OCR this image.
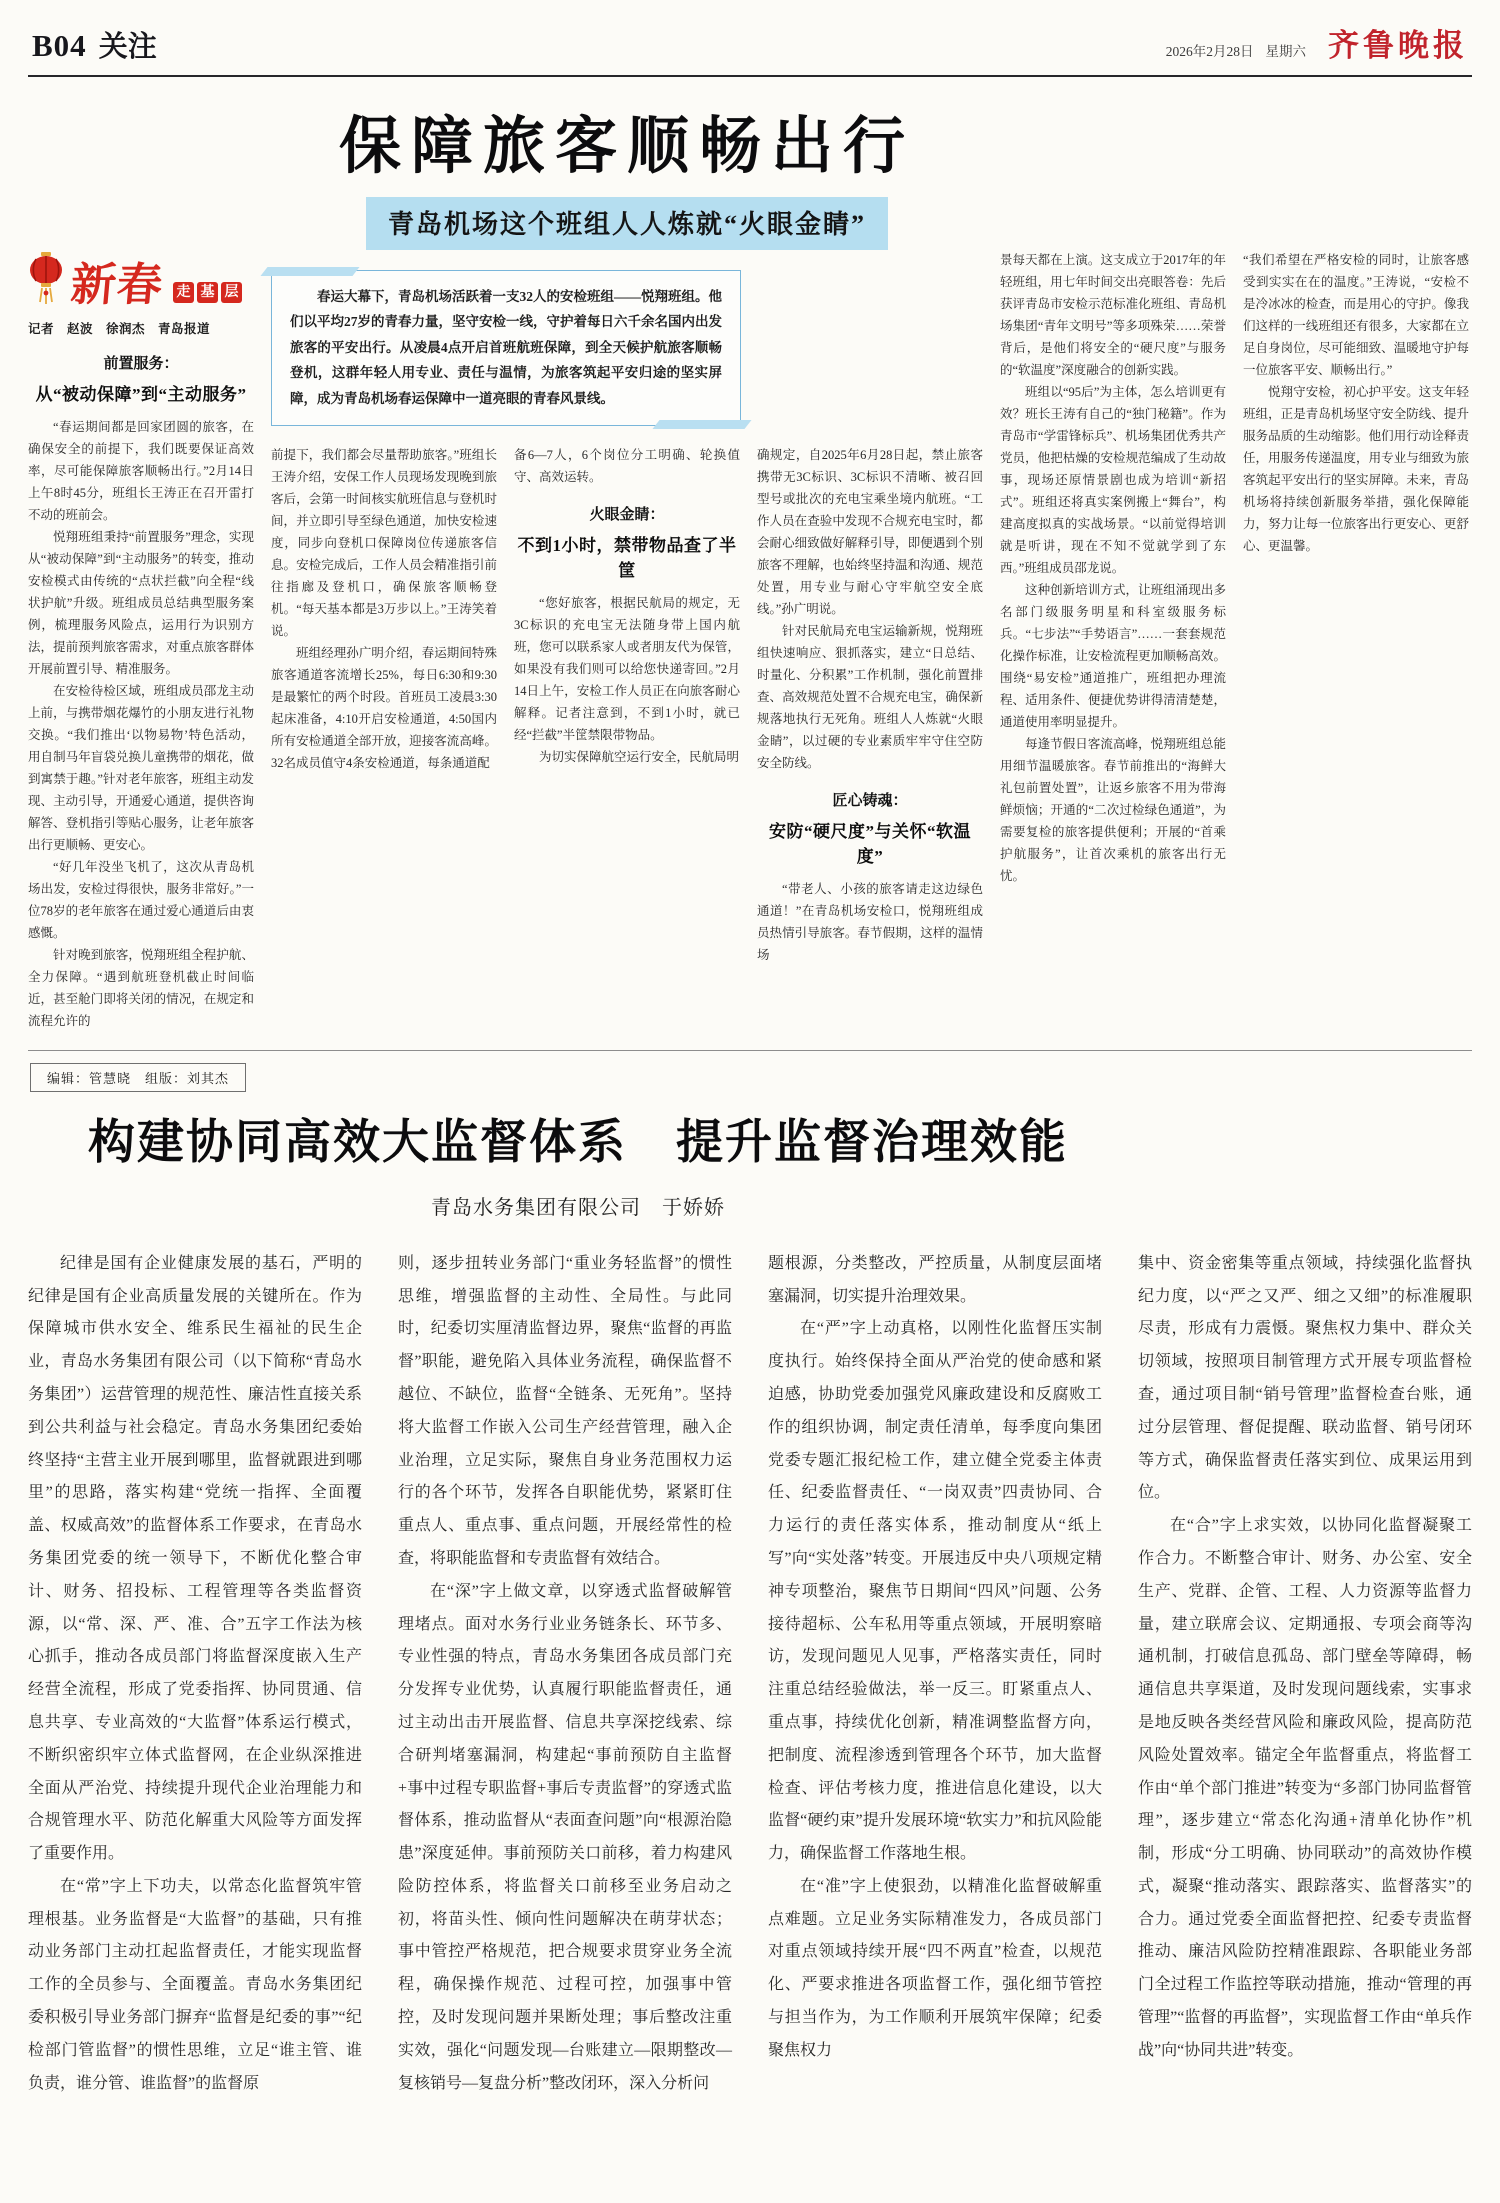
B04 关注	2026年2月28日 星期六 齐鲁晚报
新春 走 基 层

记者　赵波　徐润杰　青岛报道

前置服务：
从“被动保障”到“主动服务”

“春运期间都是回家团圆的旅客，在确保安全的前提下，我们既要保证高效率，尽可能保障旅客顺畅出行。”2月14日上午8时45分，班组长王涛正在召开雷打不动的班前会。

悦翔班组秉持“前置服务”理念，实现从“被动保障”到“主动服务”的转变，推动安检模式由传统的“点状拦截”向全程“线状护航”升级。班组成员总结典型服务案例，梳理服务风险点，运用行为识别方法，提前预判旅客需求，对重点旅客群体开展前置引导、精准服务。

在安检待检区域，班组成员邵龙主动上前，与携带烟花爆竹的小朋友进行礼物交换。“我们推出‘以物易物’特色活动，用自制马年盲袋兑换儿童携带的烟花，做到寓禁于趣。”针对老年旅客，班组主动发现、主动引导，开通爱心通道，提供咨询解答、登机指引等贴心服务，让老年旅客出行更顺畅、更安心。

“好几年没坐飞机了，这次从青岛机场出发，安检过得很快，服务非常好。”一位78岁的老年旅客在通过爱心通道后由衷感慨。

针对晚到旅客，悦翔班组全程护航、全力保障。“遇到航班登机截止时间临近，甚至舱门即将关闭的情况，在规定和流程允许的

保障旅客顺畅出行
青岛机场这个班组人人炼就“火眼金睛”

春运大幕下，青岛机场活跃着一支32人的安检班组——悦翔班组。他们以平均27岁的青春力量，坚守安检一线，守护着每日六千余名国内出发旅客的平安出行。从凌晨4点开启首班航班保障，到全天候护航旅客顺畅登机，这群年轻人用专业、责任与温情，为旅客筑起平安归途的坚实屏障，成为青岛机场春运保障中一道亮眼的青春风景线。

前提下，我们都会尽量帮助旅客。”班组长王涛介绍，安保工作人员现场发现晚到旅客后，会第一时间核实航班信息与登机时间，并立即引导至绿色通道，加快安检速度，同步向登机口保障岗位传递旅客信息。安检完成后，工作人员会精准指引前往指廊及登机口，确保旅客顺畅登机。“每天基本都是3万步以上。”王涛笑着说。

班组经理孙广明介绍，春运期间特殊旅客通道客流增长25%，每日6:30和9:30是最繁忙的两个时段。首班员工凌晨3:30起床准备，4:10开启安检通道，4:50国内所有安检通道全部开放，迎接客流高峰。32名成员值守4条安检通道，每条通道配

备6—7人，6个岗位分工明确、轮换值守、高效运转。

火眼金睛：
不到1小时，禁带物品查了半筐

“您好旅客，根据民航局的规定，无3C标识的充电宝无法随身带上国内航班，您可以联系家人或者朋友代为保管，如果没有我们则可以给您快递寄回。”2月14日上午，安检工作人员正在向旅客耐心解释。记者注意到，不到1小时，就已经“拦截”半筐禁限带物品。

为切实保障航空运行安全，民航局明

确规定，自2025年6月28日起，禁止旅客携带无3C标识、3C标识不清晰、被召回型号或批次的充电宝乘坐境内航班。“工作人员在查验中发现不合规充电宝时，都会耐心细致做好解释引导，即便遇到个别旅客不理解，也始终坚持温和沟通、规范处置，用专业与耐心守牢航空安全底线。”孙广明说。

针对民航局充电宝运输新规，悦翔班组快速响应、狠抓落实，建立“日总结、时量化、分积累”工作机制，强化前置排查、高效规范处置不合规充电宝，确保新规落地执行无死角。班组人人炼就“火眼金睛”，以过硬的专业素质牢牢守住空防安全防线。

匠心铸魂：
安防“硬尺度”与关怀“软温度”

“带老人、小孩的旅客请走这边绿色通道！”在青岛机场安检口，悦翔班组成员热情引导旅客。春节假期，这样的温情场

景每天都在上演。这支成立于2017年的年轻班组，用七年时间交出亮眼答卷：先后获评青岛市安检示范标准化班组、青岛机场集团“青年文明号”等多项殊荣……荣誉背后，是他们将安全的“硬尺度”与服务的“软温度”深度融合的创新实践。

班组以“95后”为主体，怎么培训更有效？班长王涛有自己的“独门秘籍”。作为青岛市“学雷锋标兵”、机场集团优秀共产党员，他把枯燥的安检规范编成了生动故事，现场还原情景剧也成为培训“新招式”。班组还将真实案例搬上“舞台”，构建高度拟真的实战场景。“以前觉得培训就是听讲，现在不知不觉就学到了东西。”班组成员邵龙说。

这种创新培训方式，让班组涌现出多名部门级服务明星和科室级服务标兵。“七步法”“手势语言”……一套套规范化操作标准，让安检流程更加顺畅高效。围绕“易安检”通道推广，班组把办理流程、适用条件、便捷优势讲得清清楚楚，通道使用率明显提升。

每逢节假日客流高峰，悦翔班组总能用细节温暖旅客。春节前推出的“海鲜大礼包前置处置”，让返乡旅客不用为带海鲜烦恼；开通的“二次过检绿色通道”，为需要复检的旅客提供便利；开展的“首乘护航服务”，让首次乘机的旅客出行无忧。

“我们希望在严格安检的同时，让旅客感受到实实在在的温度。”王涛说，“安检不是冷冰冰的检查，而是用心的守护。像我们这样的一线班组还有很多，大家都在立足自身岗位，尽可能细致、温暖地守护每一位旅客平安、顺畅出行。”

悦翔守安检，初心护平安。这支年轻班组，正是青岛机场坚守安全防线、提升服务品质的生动缩影。他们用行动诠释责任，用服务传递温度，用专业与细致为旅客筑起平安出行的坚实屏障。未来，青岛机场将持续创新服务举措，强化保障能力，努力让每一位旅客出行更安心、更舒心、更温馨。

编辑：管慧晓　组版：刘其杰
构建协同高效大监督体系　提升监督治理效能
青岛水务集团有限公司　于娇娇

纪律是国有企业健康发展的基石，严明的纪律是国有企业高质量发展的关键所在。作为保障城市供水安全、维系民生福祉的民生企业，青岛水务集团有限公司（以下简称“青岛水务集团”）运营管理的规范性、廉洁性直接关系到公共利益与社会稳定。青岛水务集团纪委始终坚持“主营主业开展到哪里，监督就跟进到哪里”的思路，落实构建“党统一指挥、全面覆盖、权威高效”的监督体系工作要求，在青岛水务集团党委的统一领导下，不断优化整合审计、财务、招投标、工程管理等各类监督资源，以“常、深、严、准、合”五字工作法为核心抓手，推动各成员部门将监督深度嵌入生产经营全流程，形成了党委指挥、协同贯通、信息共享、专业高效的“大监督”体系运行模式，不断织密织牢立体式监督网，在企业纵深推进全面从严治党、持续提升现代企业治理能力和合规管理水平、防范化解重大风险等方面发挥了重要作用。

在“常”字上下功夫，以常态化监督筑牢管理根基。业务监督是“大监督”的基础，只有推动业务部门主动扛起监督责任，才能实现监督工作的全员参与、全面覆盖。青岛水务集团纪委积极引导业务部门摒弃“监督是纪委的事”“纪检部门管监督”的惯性思维，立足“谁主管、谁负责，谁分管、谁监督”的监督原

则，逐步扭转业务部门“重业务轻监督”的惯性思维，增强监督的主动性、全局性。与此同时，纪委切实厘清监督边界，聚焦“监督的再监督”职能，避免陷入具体业务流程，确保监督不越位、不缺位，监督“全链条、无死角”。坚持将大监督工作嵌入公司生产经营管理，融入企业治理，立足实际，聚焦自身业务范围权力运行的各个环节，发挥各自职能优势，紧紧盯住重点人、重点事、重点问题，开展经常性的检查，将职能监督和专责监督有效结合。

在“深”字上做文章，以穿透式监督破解管理堵点。面对水务行业业务链条长、环节多、专业性强的特点，青岛水务集团各成员部门充分发挥专业优势，认真履行职能监督责任，通过主动出击开展监督、信息共享深挖线索、综合研判堵塞漏洞，构建起“事前预防自主监督+事中过程专职监督+事后专责监督”的穿透式监督体系，推动监督从“表面查问题”向“根源治隐患”深度延伸。事前预防关口前移，着力构建风险防控体系，将监督关口前移至业务启动之初，将苗头性、倾向性问题解决在萌芽状态；事中管控严格规范，把合规要求贯穿业务全流程，确保操作规范、过程可控，加强事中管控，及时发现问题并果断处理；事后整改注重实效，强化“问题发现—台账建立—限期整改—复核销号—复盘分析”整改闭环，深入分析问

题根源，分类整改，严控质量，从制度层面堵塞漏洞，切实提升治理效果。

在“严”字上动真格，以刚性化监督压实制度执行。始终保持全面从严治党的使命感和紧迫感，协助党委加强党风廉政建设和反腐败工作的组织协调，制定责任清单，每季度向集团党委专题汇报纪检工作，建立健全党委主体责任、纪委监督责任、“一岗双责”四责协同、合力运行的责任落实体系，推动制度从“纸上写”向“实处落”转变。开展违反中央八项规定精神专项整治，聚焦节日期间“四风”问题、公务接待超标、公车私用等重点领域，开展明察暗访，发现问题见人见事，严格落实责任，同时注重总结经验做法，举一反三。盯紧重点人、重点事，持续优化创新，精准调整监督方向，把制度、流程渗透到管理各个环节，加大监督检查、评估考核力度，推进信息化建设，以大监督“硬约束”提升发展环境“软实力”和抗风险能力，确保监督工作落地生根。

在“准”字上使狠劲，以精准化监督破解重点难题。立足业务实际精准发力，各成员部门对重点领域持续开展“四不两直”检查，以规范化、严要求推进各项监督工作，强化细节管控与担当作为，为工作顺利开展筑牢保障；纪委聚焦权力

集中、资金密集等重点领域，持续强化监督执纪力度，以“严之又严、细之又细”的标准履职尽责，形成有力震慑。聚焦权力集中、群众关切领域，按照项目制管理方式开展专项监督检查，通过项目制“销号管理”监督检查台账，通过分层管理、督促提醒、联动监督、销号闭环等方式，确保监督责任落实到位、成果运用到位。

在“合”字上求实效，以协同化监督凝聚工作合力。不断整合审计、财务、办公室、安全生产、党群、企管、工程、人力资源等监督力量，建立联席会议、定期通报、专项会商等沟通机制，打破信息孤岛、部门壁垒等障碍，畅通信息共享渠道，及时发现问题线索，实事求是地反映各类经营风险和廉政风险，提高防范风险处置效率。锚定全年监督重点，将监督工作由“单个部门推进”转变为“多部门协同监督管理”，逐步建立“常态化沟通+清单化协作”机制，形成“分工明确、协同联动”的高效协作模式，凝聚“推动落实、跟踪落实、监督落实”的合力。通过党委全面监督把控、纪委专责监督推动、廉洁风险防控精准跟踪、各职能业务部门全过程工作监控等联动措施，推动“管理的再管理”“监督的再监督”，实现监督工作由“单兵作战”向“协同共进”转变。
